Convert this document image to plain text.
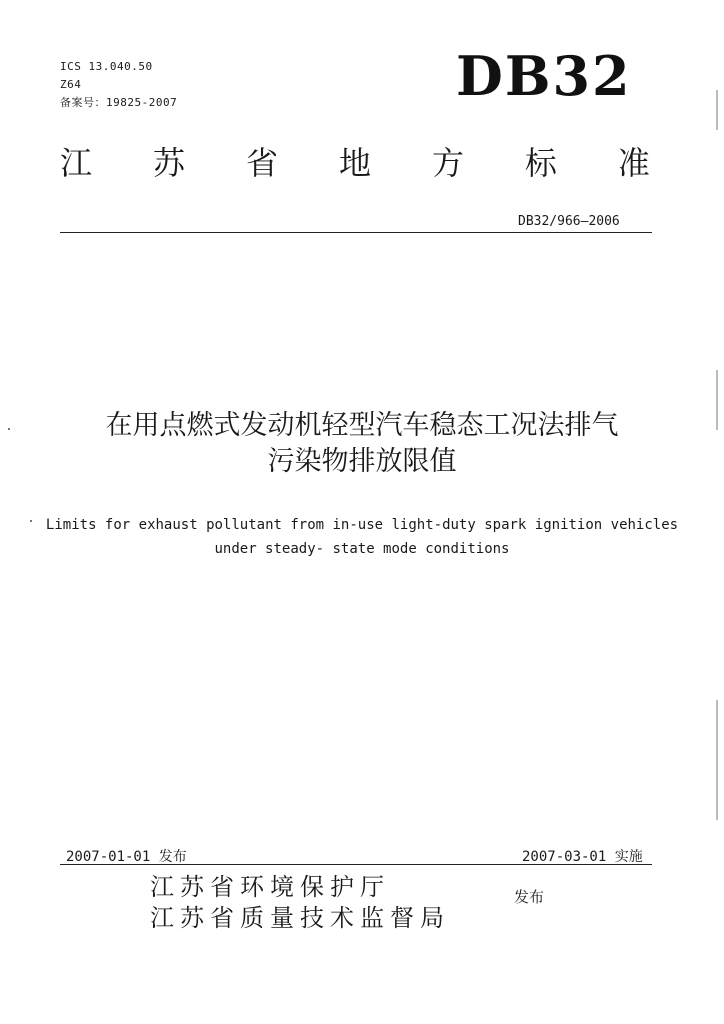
ICS 13.040.50
Z64
备案号：19825-2007	DB32
江 苏 省 地 方 标 准
DB32/966—2006
在用点燃式发动机轻型汽车稳态工况法排气
污染物排放限值
Limits for exhaust pollutant from in-use light-duty spark ignition vehicles
under steady- state mode conditions
2007-01-01 发布	2007-03-01 实施
江苏省环境保护厅
江苏省质量技术监督局
发布
